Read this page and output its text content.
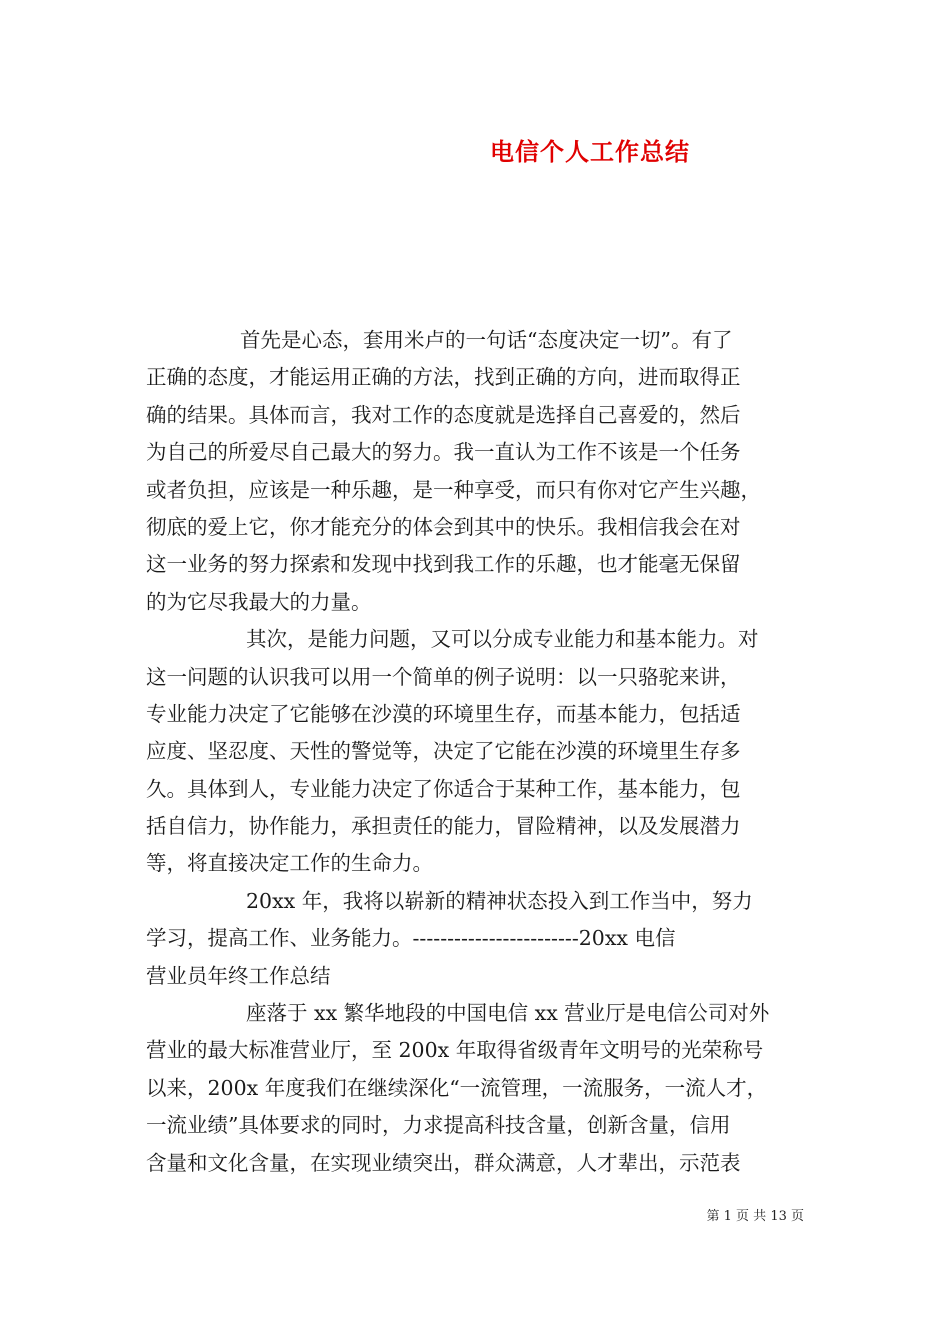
电信个人工作总结
首先是心态，套用米卢的一句话“态度决定一切”。有了
正确的态度，才能运用正确的方法，找到正确的方向，进而取得正
确的结果。具体而言，我对工作的态度就是选择自己喜爱的，然后
为自己的所爱尽自己最大的努力。我一直认为工作不该是一个任务
或者负担，应该是一种乐趣，是一种享受，而只有你对它产生兴趣，
彻底的爱上它，你才能充分的体会到其中的快乐。我相信我会在对
这一业务的努力探索和发现中找到我工作的乐趣，也才能毫无保留
的为它尽我最大的力量。
其次，是能力问题，又可以分成专业能力和基本能力。对
这一问题的认识我可以用一个简单的例子说明：以一只骆驼来讲，
专业能力决定了它能够在沙漠的环境里生存，而基本能力，包括适
应度、坚忍度、天性的警觉等，决定了它能在沙漠的环境里生存多
久。具体到人，专业能力决定了你适合于某种工作，基本能力，包
括自信力，协作能力，承担责任的能力，冒险精神，以及发展潜力
等，将直接决定工作的生命力。
20xx 年，我将以崭新的精神状态投入到工作当中，努力
学习，提高工作、业务能力。------------------------20xx 电信
营业员年终工作总结
座落于 xx 繁华地段的中国电信 xx 营业厅是电信公司对外
营业的最大标准营业厅，至 200x 年取得省级青年文明号的光荣称号
以来，200x 年度我们在继续深化“一流管理，一流服务，一流人才，
一流业绩”具体要求的同时，力求提高科技含量，创新含量，信用
含量和文化含量，在实现业绩突出，群众满意，人才辈出，示范表
第 1 页 共 13 页
